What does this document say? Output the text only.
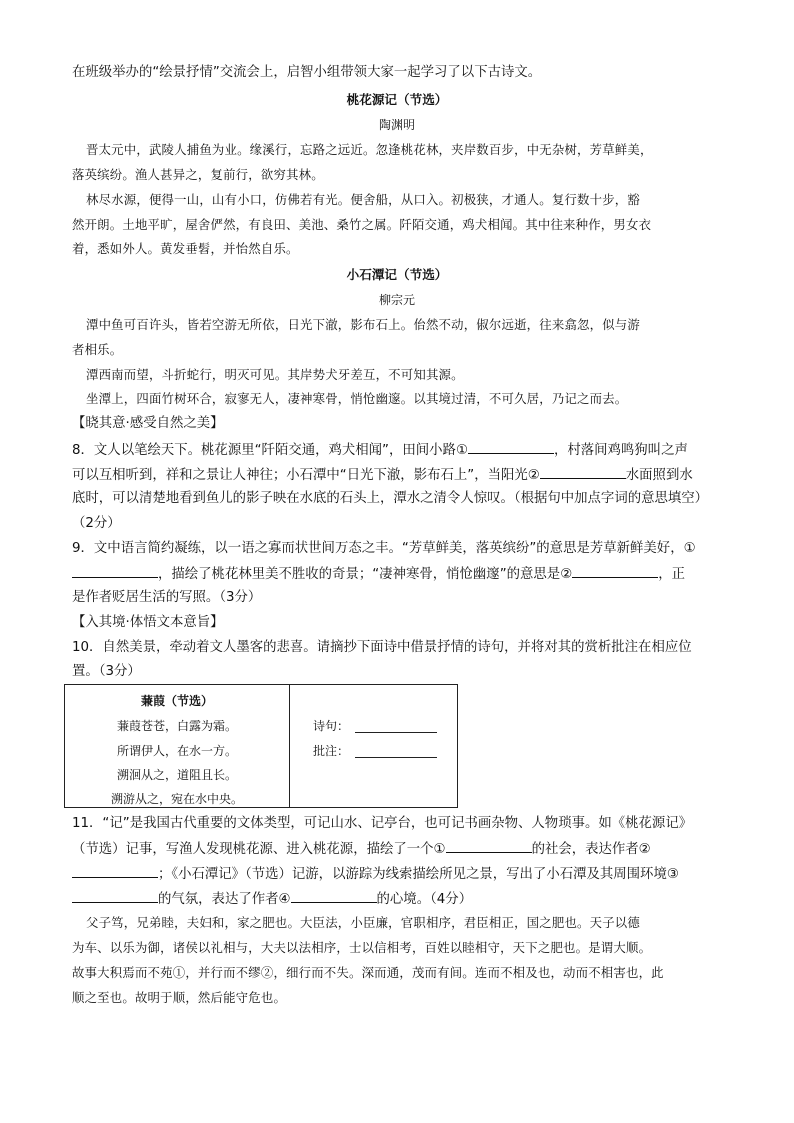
在班级举办的“绘景抒情”交流会上，启智小组带领大家一起学习了以下古诗文。
桃花源记（节选）
陶渊明
晋太元中，武陵人捕鱼为业。缘溪行，忘路之远近。忽逢桃花林，夹岸数百步，中无杂树，芳草鲜美，
落英缤纷。渔人甚异之，复前行，欲穷其林。
林尽水源，便得一山，山有小口，仿佛若有光。便舍船，从口入。初极狭，才通人。复行数十步，豁
然开朗。土地平旷，屋舍俨然，有良田、美池、桑竹之属。阡陌交通，鸡犬相闻。其中往来种作，男女衣
着，悉如外人。黄发垂髫，并怡然自乐。
小石潭记（节选）
柳宗元
潭中鱼可百许头，皆若空游无所依，日光下澈，影布石上。佁然不动，俶尔远逝，往来翕忽，似与游
者相乐。
潭西南而望，斗折蛇行，明灭可见。其岸势犬牙差互，不可知其源。
坐潭上，四面竹树环合，寂寥无人，凄神寒骨，悄怆幽邃。以其境过清，不可久居，乃记之而去。
【晓其意·感受自然之美】
8．文人以笔绘天下。桃花源里“阡陌交通，鸡犬相闻”，田间小路①	，村落间鸡鸣狗叫之声
可以互相听到，祥和之景让人神往；小石潭中“日光下澈，影布石上”，当阳光②	水面照到水
底时，可以清楚地看到鱼儿的影子映在水底的石头上，潭水之清令人惊叹。（根据句中加点字词的意思填空）
（2分）
9．文中语言简约凝练，以一语之寡而状世间万态之丰。“芳草鲜美，落英缤纷”的意思是芳草新鲜美好，①
，描绘了桃花林里美不胜收的奇景；“凄神寒骨，悄怆幽邃”的意思是②	，正
是作者贬居生活的写照。（3分）
【入其境·体悟文本意旨】
10．自然美景，牵动着文人墨客的悲喜。请摘抄下面诗中借景抒情的诗句，并将对其的赏析批注在相应位
置。（3分）
蒹葭（节选）
蒹葭苍苍，白露为霜。
所谓伊人，在水一方。
溯洄从之，道阻且长。
溯游从之，宛在水中央。
诗句：
批注：
11．“记”是我国古代重要的文体类型，可记山水、记亭台，也可记书画杂物、人物琐事。如《桃花源记》
（节选）记事，写渔人发现桃花源、进入桃花源，描绘了一个①	的社会，表达作者②
；《小石潭记》（节选）记游，以游踪为线索描绘所见之景，写出了小石潭及其周围环境③
的气氛，表达了作者④	的心境。（4分）
父子笃，兄弟睦，夫妇和，家之肥也。大臣法，小臣廉，官职相序，君臣相正，国之肥也。天子以德
为车、以乐为御，诸侯以礼相与，大夫以法相序，士以信相考，百姓以睦相守，天下之肥也。是谓大顺。
故事大积焉而不苑①，并行而不缪②，细行而不失。深而通，茂而有间。连而不相及也，动而不相害也，此
顺之至也。故明于顺，然后能守危也。
